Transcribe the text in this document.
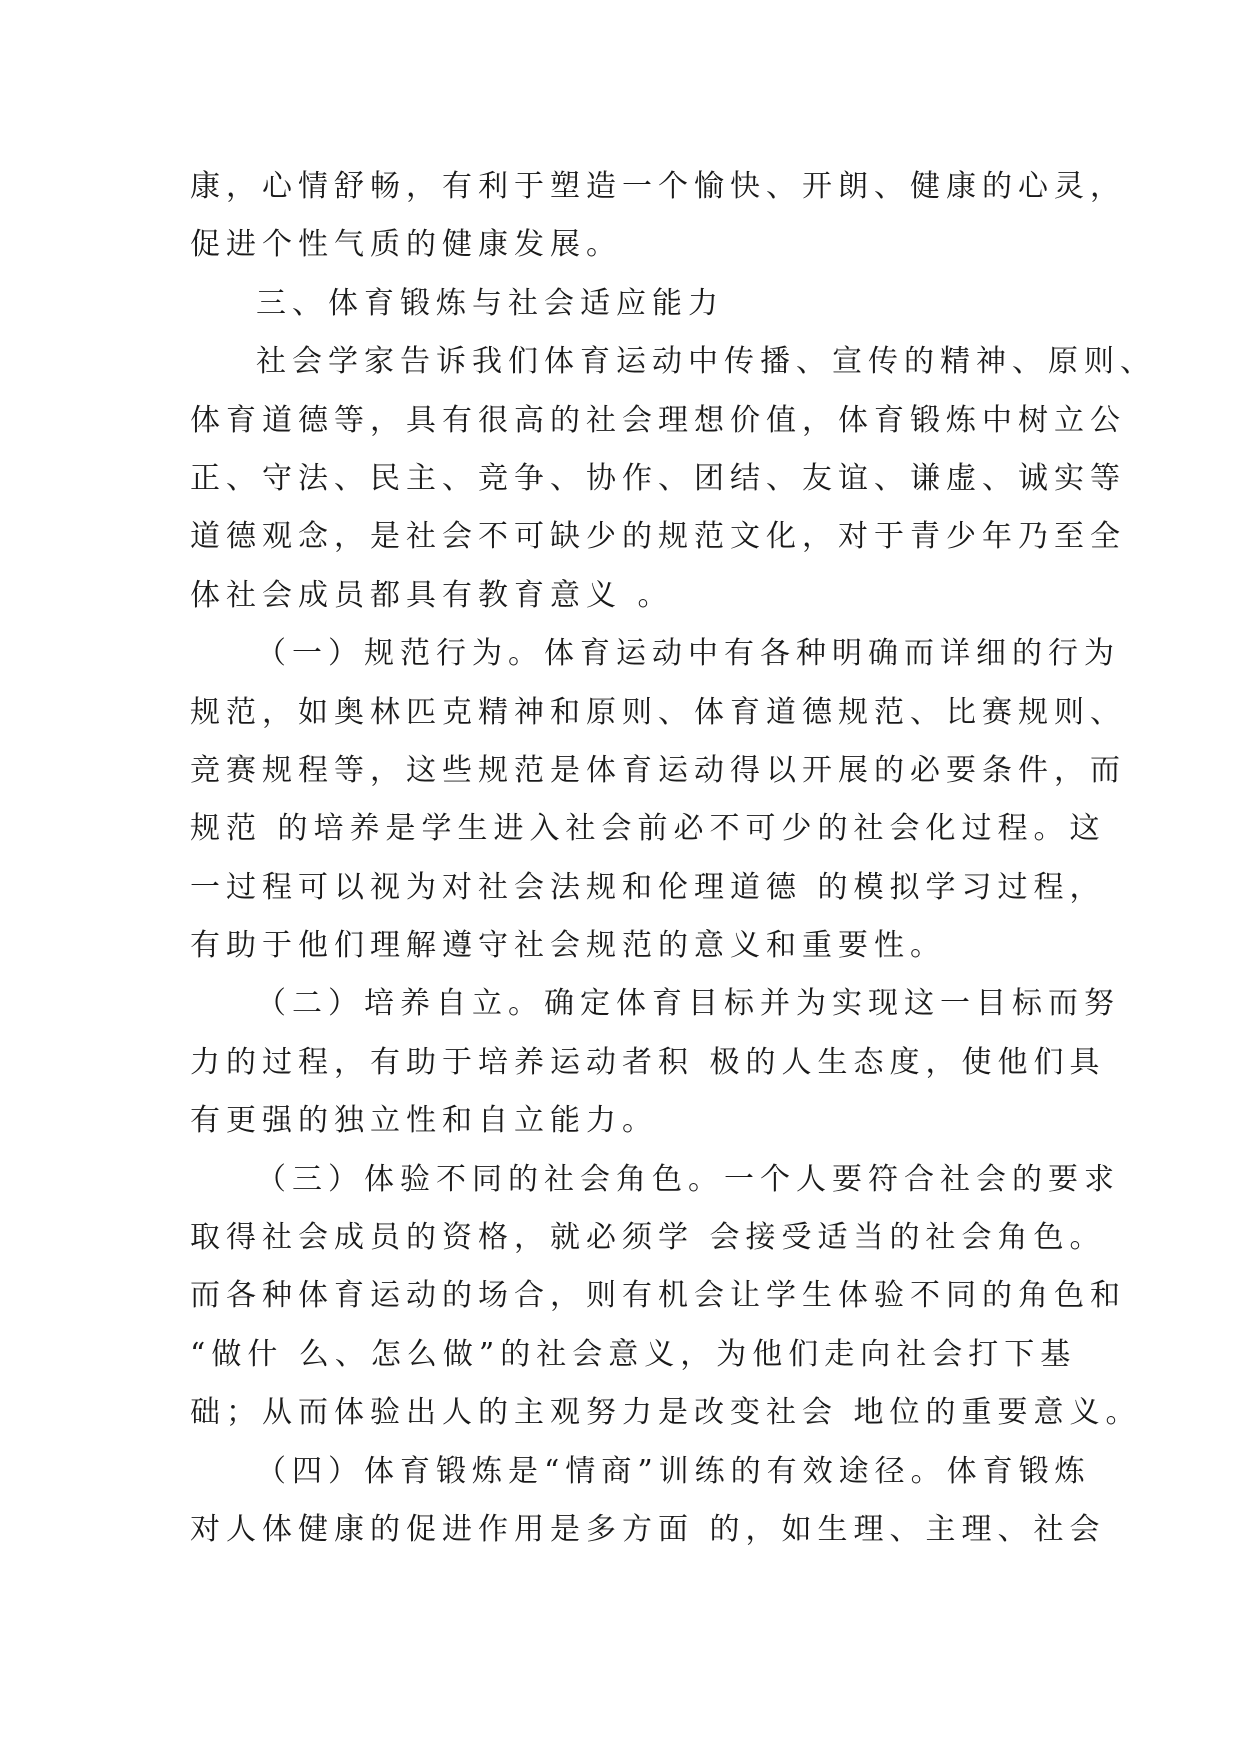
康，心情舒畅，有利于塑造一个愉快、开朗、健康的心灵，
促进个性气质的健康发展。
三、体育锻炼与社会适应能力
社会学家告诉我们体育运动中传播、宣传的精神、原则、
体育道德等，具有很高的社会理想价值，体育锻炼中树立公
正、守法、民主、竞争、协作、团结、友谊、谦虚、诚实等
道德观念，是社会不可缺少的规范文化，对于青少年乃至全
体社会成员都具有教育意义 。
（一）规范行为。体育运动中有各种明确而详细的行为
规范，如奥林匹克精神和原则、体育道德规范、比赛规则、
竞赛规程等，这些规范是体育运动得以开展的必要条件，而
规范 的培养是学生进入社会前必不可少的社会化过程。这
一过程可以视为对社会法规和伦理道德 的模拟学习过程，
有助于他们理解遵守社会规范的意义和重要性。
（二）培养自立。确定体育目标并为实现这一目标而努
力的过程，有助于培养运动者积 极的人生态度，使他们具
有更强的独立性和自立能力。
（三）体验不同的社会角色。一个人要符合社会的要求
取得社会成员的资格，就必须学 会接受适当的社会角色。
而各种体育运动的场合，则有机会让学生体验不同的角色和
“做什 么、怎么做”的社会意义，为他们走向社会打下基
础；从而体验出人的主观努力是改变社会 地位的重要意义。
（四）体育锻炼是“情商”训练的有效途径。体育锻炼
对人体健康的促进作用是多方面 的，如生理、主理、社会
